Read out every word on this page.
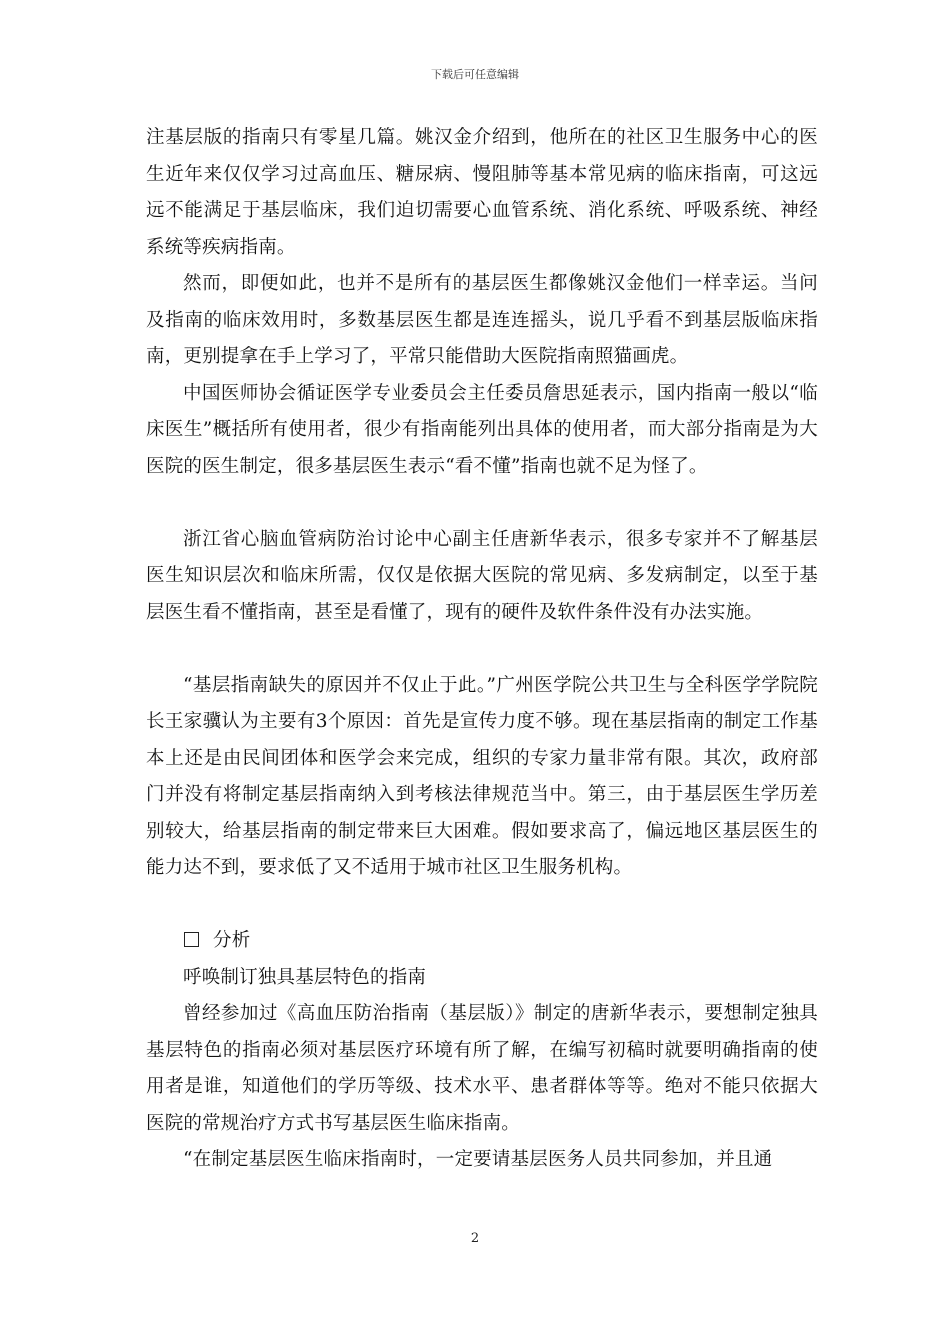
下载后可任意编辑

注基层版的指南只有零星几篇。姚汉金介绍到，他所在的社区卫生服务中心的医生近年来仅仅学习过高血压、糖尿病、慢阻肺等基本常见病的临床指南，可这远远不能满足于基层临床，我们迫切需要心血管系统、消化系统、呼吸系统、神经系统等疾病指南。

然而，即便如此，也并不是所有的基层医生都像姚汉金他们一样幸运。当问及指南的临床效用时，多数基层医生都是连连摇头，说几乎看不到基层版临床指南，更别提拿在手上学习了，平常只能借助大医院指南照猫画虎。

中国医师协会循证医学专业委员会主任委员詹思延表示，国内指南一般以“临床医生”概括所有使用者，很少有指南能列出具体的使用者，而大部分指南是为大医院的医生制定，很多基层医生表示“看不懂”指南也就不足为怪了。

浙江省心脑血管病防治讨论中心副主任唐新华表示，很多专家并不了解基层医生知识层次和临床所需，仅仅是依据大医院的常见病、多发病制定，以至于基层医生看不懂指南，甚至是看懂了，现有的硬件及软件条件没有办法实施。

“基层指南缺失的原因并不仅止于此。”广州医学院公共卫生与全科医学学院院长王家骥认为主要有3个原因：首先是宣传力度不够。现在基层指南的制定工作基本上还是由民间团体和医学会来完成，组织的专家力量非常有限。其次，政府部门并没有将制定基层指南纳入到考核法律规范当中。第三，由于基层医生学历差别较大，给基层指南的制定带来巨大困难。假如要求高了，偏远地区基层医生的能力达不到，要求低了又不适用于城市社区卫生服务机构。

分析

呼唤制订独具基层特色的指南

曾经参加过《高血压防治指南（基层版）》制定的唐新华表示，要想制定独具基层特色的指南必须对基层医疗环境有所了解，在编写初稿时就要明确指南的使用者是谁，知道他们的学历等级、技术水平、患者群体等等。绝对不能只依据大医院的常规治疗方式书写基层医生临床指南。

“在制定基层医生临床指南时，一定要请基层医务人员共同参加，并且通

2
